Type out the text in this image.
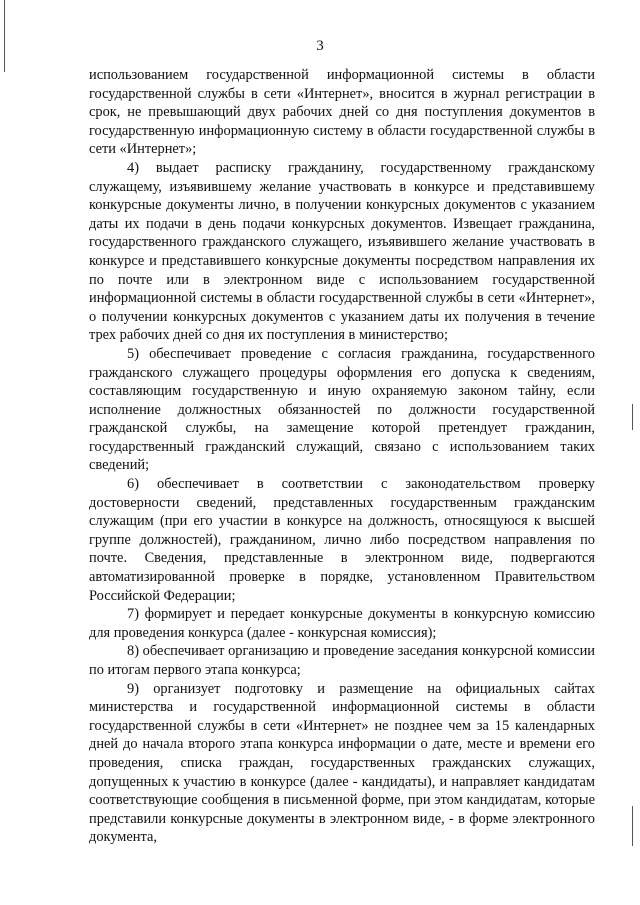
3

использованием государственной информационной системы в области государственной службы в сети «Интернет», вносится в журнал регистрации в срок, не превышающий двух рабочих дней со дня поступления документов в государственную информационную систему в области государственной службы в сети «Интернет»;

4) выдает расписку гражданину, государственному гражданскому служащему, изъявившему желание участвовать в конкурсе и представившему конкурсные документы лично, в получении конкурсных документов с указанием даты их подачи в день подачи конкурсных документов. Извещает гражданина, государственного гражданского служащего, изъявившего желание участвовать в конкурсе и представившего конкурсные документы посредством направления их по почте или в электронном виде с использованием государственной информационной системы в области государственной службы в сети «Интернет», о получении конкурсных документов с указанием даты их получения в течение трех рабочих дней со дня их поступления в министерство;

5) обеспечивает проведение с согласия гражданина, государственного гражданского служащего процедуры оформления его допуска к сведениям, составляющим государственную и иную охраняемую законом тайну, если исполнение должностных обязанностей по должности государственной гражданской службы, на замещение которой претендует гражданин, государственный гражданский служащий, связано с использованием таких сведений;

6) обеспечивает в соответствии с законодательством проверку достоверности сведений, представленных государственным гражданским служащим (при его участии в конкурсе на должность, относящуюся к высшей группе должностей), гражданином, лично либо посредством направления по почте. Сведения, представленные в электронном виде, подвергаются автоматизированной проверке в порядке, установленном Правительством Российской Федерации;

7) формирует и передает конкурсные документы в конкурсную комиссию для проведения конкурса (далее - конкурсная комиссия);

8) обеспечивает организацию и проведение заседания конкурсной комиссии по итогам первого этапа конкурса;

9) организует подготовку и размещение на официальных сайтах министерства и государственной информационной системы в области государственной службы в сети «Интернет» не позднее чем за 15 календарных дней до начала второго этапа конкурса информации о дате, месте и времени его проведения, списка граждан, государственных гражданских служащих, допущенных к участию в конкурсе (далее - кандидаты), и направляет кандидатам соответствующие сообщения в письменной форме, при этом кандидатам, которые представили конкурсные документы в электронном виде, - в форме электронного документа,
